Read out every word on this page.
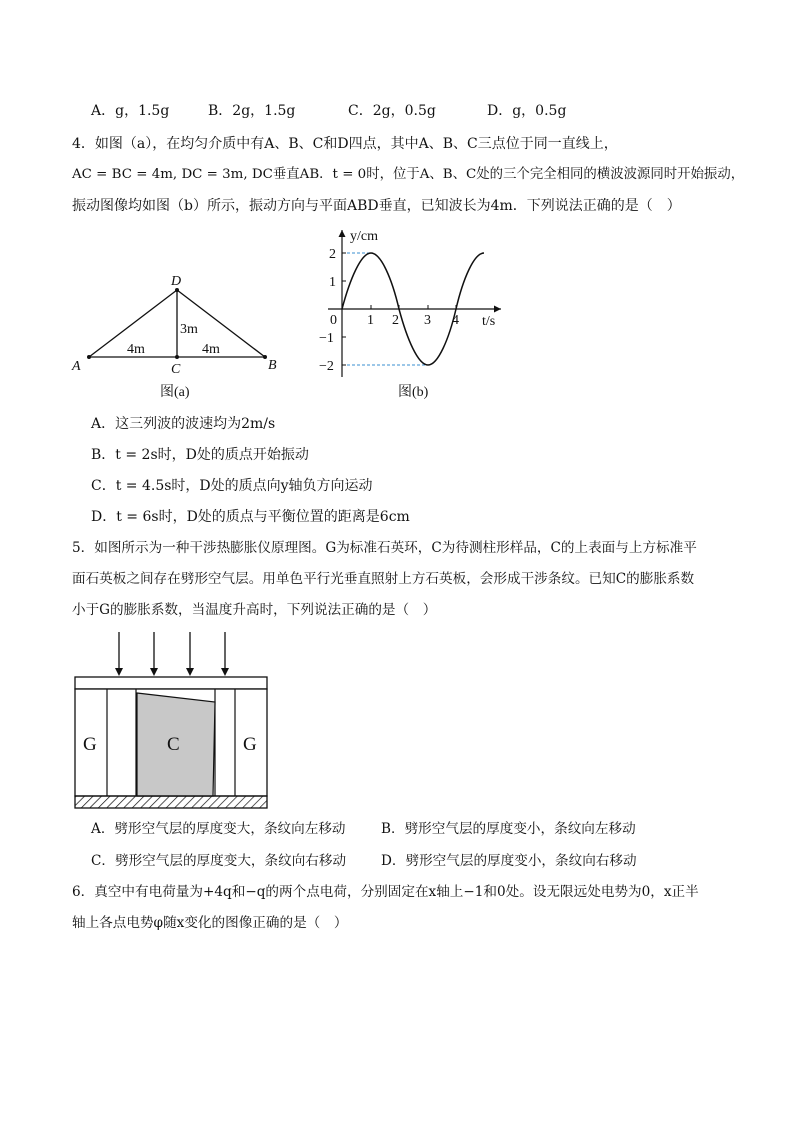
A．g，1.5g	B．2g，1.5g	C．2g，0.5g	D．g，0.5g
4．如图（a），在均匀介质中有A、B、C和D四点，其中A、B、C三点位于同一直线上，
AC = BC = 4m, DC = 3m, DC垂直AB．t = 0时，位于A、B、C处的三个完全相同的横波波源同时开始振动，
振动图像均如图（b）所示，振动方向与平面ABD垂直，已知波长为4m．下列说法正确的是（　）
A	B
C
D
4m	4m
3m
图(a)
y/cm
t/s
0 1 2 3 4
2
1
−1
−2
图(b)
A．这三列波的波速均为2m/s
B．t = 2s时，D处的质点开始振动
C．t = 4.5s时，D处的质点向y轴负方向运动
D．t = 6s时，D处的质点与平衡位置的距离是6cm
5．如图所示为一种干涉热膨胀仪原理图。G为标准石英环，C为待测柱形样品，C的上表面与上方标准平
面石英板之间存在劈形空气层。用单色平行光垂直照射上方石英板，会形成干涉条纹。已知C的膨胀系数
小于G的膨胀系数，当温度升高时，下列说法正确的是（　）
G	C	G
A．劈形空气层的厚度变大，条纹向左移动	B．劈形空气层的厚度变小，条纹向左移动
C．劈形空气层的厚度变大，条纹向右移动	D．劈形空气层的厚度变小，条纹向右移动
6．真空中有电荷量为+4q和−q的两个点电荷，分别固定在x轴上−1和0处。设无限远处电势为0，x正半
轴上各点电势φ随x变化的图像正确的是（　）
